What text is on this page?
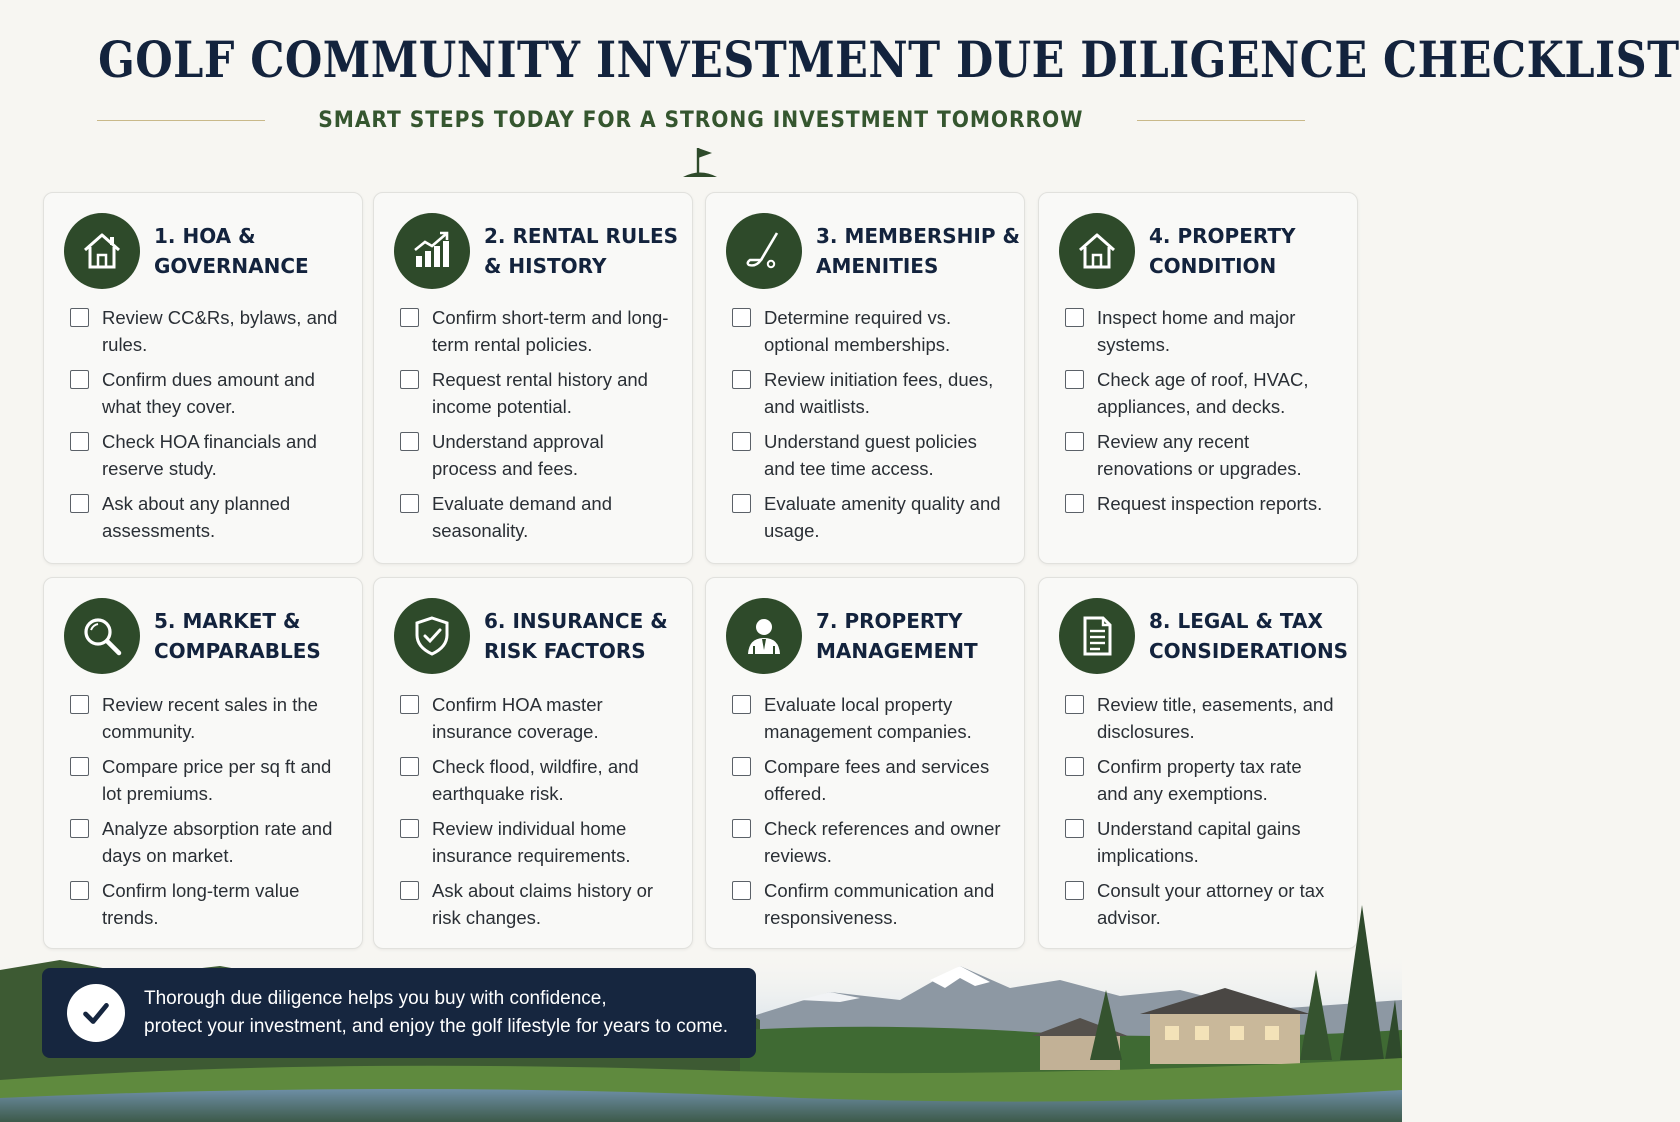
GOLF COMMUNITY INVESTMENT DUE DILIGENCE CHECKLIST
SMART STEPS TODAY FOR A STRONG INVESTMENT TOMORROW
1. HOA & GOVERNANCE
Review CC&Rs, bylaws, and rules.
Confirm dues amount and what they cover.
Check HOA financials and reserve study.
Ask about any planned assessments.
2. RENTAL RULES & HISTORY
Confirm short-term and long-term rental policies.
Request rental history and income potential.
Understand approval process and fees.
Evaluate demand and seasonality.
3. MEMBERSHIP & AMENITIES
Determine required vs. optional memberships.
Review initiation fees, dues, and waitlists.
Understand guest policies and tee time access.
Evaluate amenity quality and usage.
4. PROPERTY CONDITION
Inspect home and major systems.
Check age of roof, HVAC, appliances, and decks.
Review any recent renovations or upgrades.
Request inspection reports.
5. MARKET & COMPARABLES
Review recent sales in the community.
Compare price per sq ft and lot premiums.
Analyze absorption rate and days on market.
Confirm long-term value trends.
6. INSURANCE & RISK FACTORS
Confirm HOA master insurance coverage.
Check flood, wildfire, and earthquake risk.
Review individual home insurance requirements.
Ask about claims history or risk changes.
7. PROPERTY MANAGEMENT
Evaluate local property management companies.
Compare fees and services offered.
Check references and owner reviews.
Confirm communication and responsiveness.
8. LEGAL & TAX CONSIDERATIONS
Review title, easements, and disclosures.
Confirm property tax rate and any exemptions.
Understand capital gains implications.
Consult your attorney or tax advisor.
Thorough due diligence helps you buy with confidence,
protect your investment, and enjoy the golf lifestyle for years to come.
